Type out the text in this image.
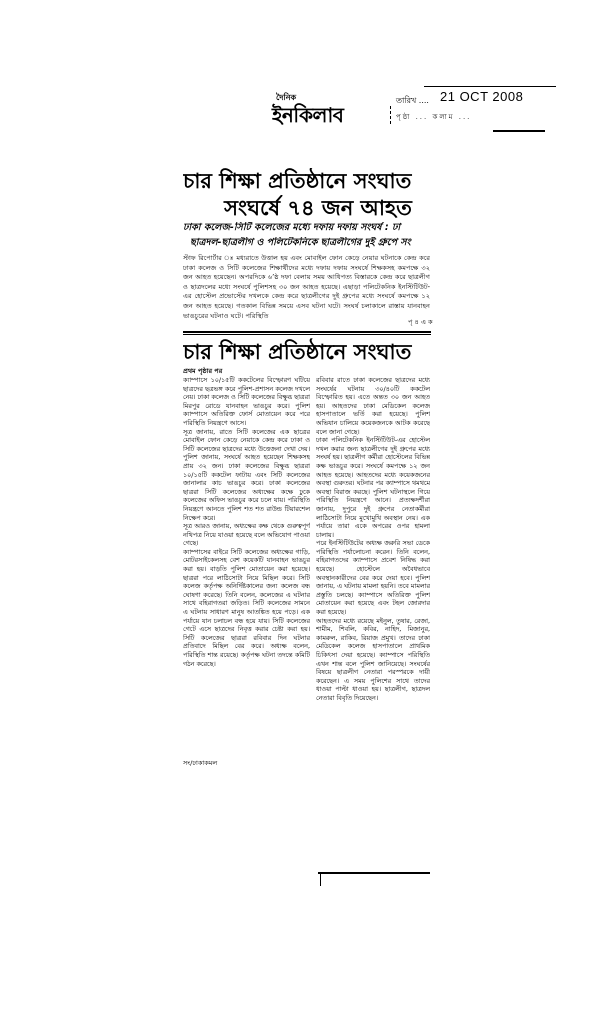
দৈনিক
ইনকিলাব
তারিখ .... 21 OCT 2008
পৃষ্ঠা ... কলাম ...
চার শিক্ষা প্রতিষ্ঠানে সংঘাত
সংঘর্ষে ৭৪ জন আহত
ঢাকা কলেজ-সিটি কলেজের মধ্যে দফায় দফায় সংঘর্ষ : ঢা
ছাত্রদল-ছাত্রলীগ ও পলিটেকনিকে ছাত্রলীগের দুই গ্রুপে সং
স্টাফ রিপোর্টার ঃ মধ্যরাতে উত্তাল হয় এবং মোবাইল ফোন কেড়ে নেয়ার ঘটনাকে কেন্দ্র করে ঢাকা কলেজ ও সিটি কলেজের শিক্ষার্থীদের মধ্যে দফায় দফায় সংঘর্ষে শিক্ষকসহ কমপক্ষে ৩২ জন আহত হয়েছেন। অপরদিকে ৬’ষ্ঠ দফা বেলায় সময় আধিপত্য বিস্তারকে কেন্দ্র করে ছাত্রলীগ ও ছাত্রদলের মধ্যে সংঘর্ষে পুলিশসহ ৩০ জন আহত হয়েছে। এছাড়া পলিটেকনিক ইনস্টিটিউট-এর হোস্টেল প্রভোস্টের দখলকে কেন্দ্র করে ছাত্রলীগের দুই গ্রুপের মধ্যে সংঘর্ষে কমপক্ষে ১২ জন আহত হয়েছে। গতকাল বিভিন্ন সময়ে এসব ঘটনা ঘটে। সংঘর্ষ চলাকালে রাস্তায় যানবাহন ভাঙচুরের ঘটনাও ঘটে। পরিস্থিতি
পৃ ৪ এ ক
চার শিক্ষা প্রতিষ্ঠানে সংঘাত
প্রথম পৃষ্ঠার পর

ক্যাম্পাসে ১০/১৫টি ককটেলের বিস্ফোরণ ঘটিয়ে ছাত্রদের ছত্রভঙ্গ করে পুলিশ-প্রশাসন কলেজ দখলে নেয়। ঢাকা কলেজ ও সিটি কলেজের বিক্ষুব্ধ ছাত্ররা মিরপুর রোডে যানবাহন ভাঙচুর করে। পুলিশ ক্যাম্পাসে অতিরিক্ত ফোর্স মোতায়েন করে পরে পরিস্থিতি নিয়ন্ত্রণে আসে।

সূত্র জানায়, রাতে সিটি কলেজের এক ছাত্রের মোবাইল ফোন কেড়ে নেয়াকে কেন্দ্র করে ঢাকা ও সিটি কলেজের ছাত্রদের মধ্যে উত্তেজনা দেখা দেয়। পুলিশ জানায়, সংঘর্ষে আহত হয়েছেন শিক্ষকসহ প্রায় ৩২ জন। ঢাকা কলেজের বিক্ষুব্ধ ছাত্ররা ১০/১৫টি ককটেল ফাটায় এবং সিটি কলেজের জানালার কাচ ভাঙচুর করে। ঢাকা কলেজের ছাত্ররা সিটি কলেজের অধ্যক্ষের কক্ষে ঢুকে কলেজের অফিস ভাঙচুর করে চলে যায়। পরিস্থিতি নিয়ন্ত্রণে আনতে পুলিশ শত শত রাউন্ড টিয়ারশেল নিক্ষেপ করে।

সূত্র আরও জানায়, অধ্যক্ষের কক্ষ থেকে গুরুত্বপূর্ণ নথিপত্র নিয়ে যাওয়া হয়েছে বলে অভিযোগ পাওয়া গেছে।

ক্যাম্পাসের বাইরে সিটি কলেজের অধ্যক্ষের গাড়ি, মোটরসাইকেলসহ বেশ কয়েকটি যানবাহন ভাঙচুর করা হয়। বাড়তি পুলিশ মোতায়েন করা হয়েছে। ছাত্ররা পরে লাঠিসোটা নিয়ে মিছিল করে। সিটি কলেজ কর্তৃপক্ষ অনির্দিষ্টকালের জন্য কলেজ বন্ধ ঘোষণা করেছে। তিনি বলেন, কলেজের এ ঘটনার সাথে বহিরাগতরা জড়িত। সিটি কলেজের সামনে এ ঘটনায় সাধারণ মানুষ আতঙ্কিত হয়ে পড়ে। এক পর্যায়ে যান চলাচল বন্ধ হয়ে যায়। সিটি কলেজের গেটে এসে ছাত্রদের নিবৃত্ত করার চেষ্টা করা হয়। সিটি কলেজের ছাত্ররা রবিবার দিন ঘটনার প্রতিবাদে মিছিল বের করে। অধ্যক্ষ বলেন, পরিস্থিতি শান্ত রয়েছে। কর্তৃপক্ষ ঘটনা তদন্তে কমিটি গঠন করেছে।

সং/ঢাকাকমল

রবিবার রাতে ঢাকা কলেজের ছাত্রদের মধ্যে সংঘর্ষের ঘটনায় ৩০/৪০টি ককটেল বিস্ফোরিত হয়। এতে অন্তত ৩০ জন আহত হয়। আহতদের ঢাকা মেডিকেল কলেজ হাসপাতালে ভর্তি করা হয়েছে। পুলিশ অভিযান চালিয়ে কয়েকজনকে আটক করেছে বলে জানা গেছে।

ঢাকা পলিটেকনিক ইনস্টিটিউট-এর হোস্টেল দখল করার জন্য ছাত্রলীগের দুই গ্রুপের মধ্যে সংঘর্ষ হয়। ছাত্রলীগ কর্মীরা হোস্টেলের বিভিন্ন কক্ষ ভাঙচুর করে। সংঘর্ষে কমপক্ষে ১২ জন আহত হয়েছে। আহতদের মধ্যে কয়েকজনের অবস্থা গুরুতর। ঘটনার পর ক্যাম্পাসে থমথমে অবস্থা বিরাজ করছে। পুলিশ ঘটনাস্থলে গিয়ে পরিস্থিতি নিয়ন্ত্রণে আনে। প্রত্যক্ষদর্শীরা জানায়, দুপুরে দুই গ্রুপের নেতাকর্মীরা লাঠিসোটা নিয়ে মুখোমুখি অবস্থান নেয়। এক পর্যায়ে তারা একে অপরের ওপর হামলা চালায়।

পরে ইনস্টিটিউটের অধ্যক্ষ জরুরি সভা ডেকে পরিস্থিতি পর্যালোচনা করেন। তিনি বলেন, বহিরাগতদের ক্যাম্পাসে প্রবেশ নিষিদ্ধ করা হয়েছে। হোস্টেলে অবৈধভাবে অবস্থানকারীদের বের করে দেয়া হবে। পুলিশ জানায়, এ ঘটনায় মামলা হয়নি। তবে মামলার প্রস্তুতি চলছে। ক্যাম্পাসে অতিরিক্ত পুলিশ মোতায়েন করা হয়েছে এবং টহল জোরদার করা হয়েছে।

আহতদের মধ্যে রয়েছে মইনুল, তুষার, রেজা, শামীম, শিবলি, কবির, নাহিদ, মিজানুর, কামরুল, রাকিব, রিয়াজ প্রমুখ। তাদের ঢাকা মেডিকেল কলেজ হাসপাতালে প্রাথমিক চিকিৎসা দেয়া হয়েছে। ক্যাম্পাসে পরিস্থিতি এখন শান্ত বলে পুলিশ জানিয়েছে। সংঘর্ষের বিষয়ে ছাত্রলীগ নেতারা পরস্পরকে দায়ী করেছেন। এ সময় পুলিশের সাথে তাদের ধাওয়া পাল্টা ধাওয়া হয়। ছাত্রলীগ, ছাত্রদল নেতারা বিবৃতি দিয়েছেন।
